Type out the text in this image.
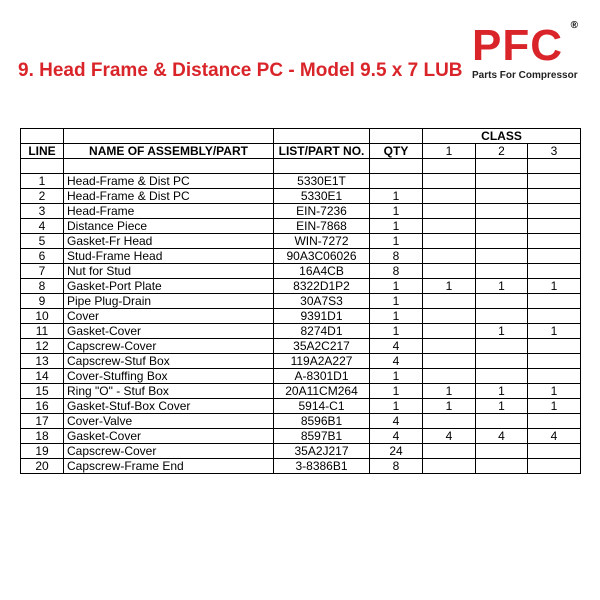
9. Head Frame & Distance PC - Model 9.5 x 7 LUB
PFC ®
Parts For Compressor
				CLASS		
LINE	NAME OF ASSEMBLY/PART	LIST/PART NO.	QTY	1	2	3

1	Head-Frame & Dist PC	5330E1T				
2	Head-Frame & Dist PC	5330E1	1			
3	Head-Frame	EIN-7236	1			
4	Distance Piece	EIN-7868	1			
5	Gasket-Fr Head	WIN-7272	1			
6	Stud-Frame Head	90A3C06026	8			
7	Nut for Stud	16A4CB	8			
8	Gasket-Port Plate	8322D1P2	1	1	1	1
9	Pipe Plug-Drain	30A7S3	1			
10	Cover	9391D1	1			
11	Gasket-Cover	8274D1	1		1	1
12	Capscrew-Cover	35A2C217	4			
13	Capscrew-Stuf Box	119A2A227	4			
14	Cover-Stuffing Box	A-8301D1	1			
15	Ring "O" - Stuf Box	20A11CM264	1	1	1	1
16	Gasket-Stuf-Box Cover	5914-C1	1	1	1	1
17	Cover-Valve	8596B1	4			
18	Gasket-Cover	8597B1	4	4	4	4
19	Capscrew-Cover	35A2J217	24			
20	Capscrew-Frame End	3-8386B1	8			
